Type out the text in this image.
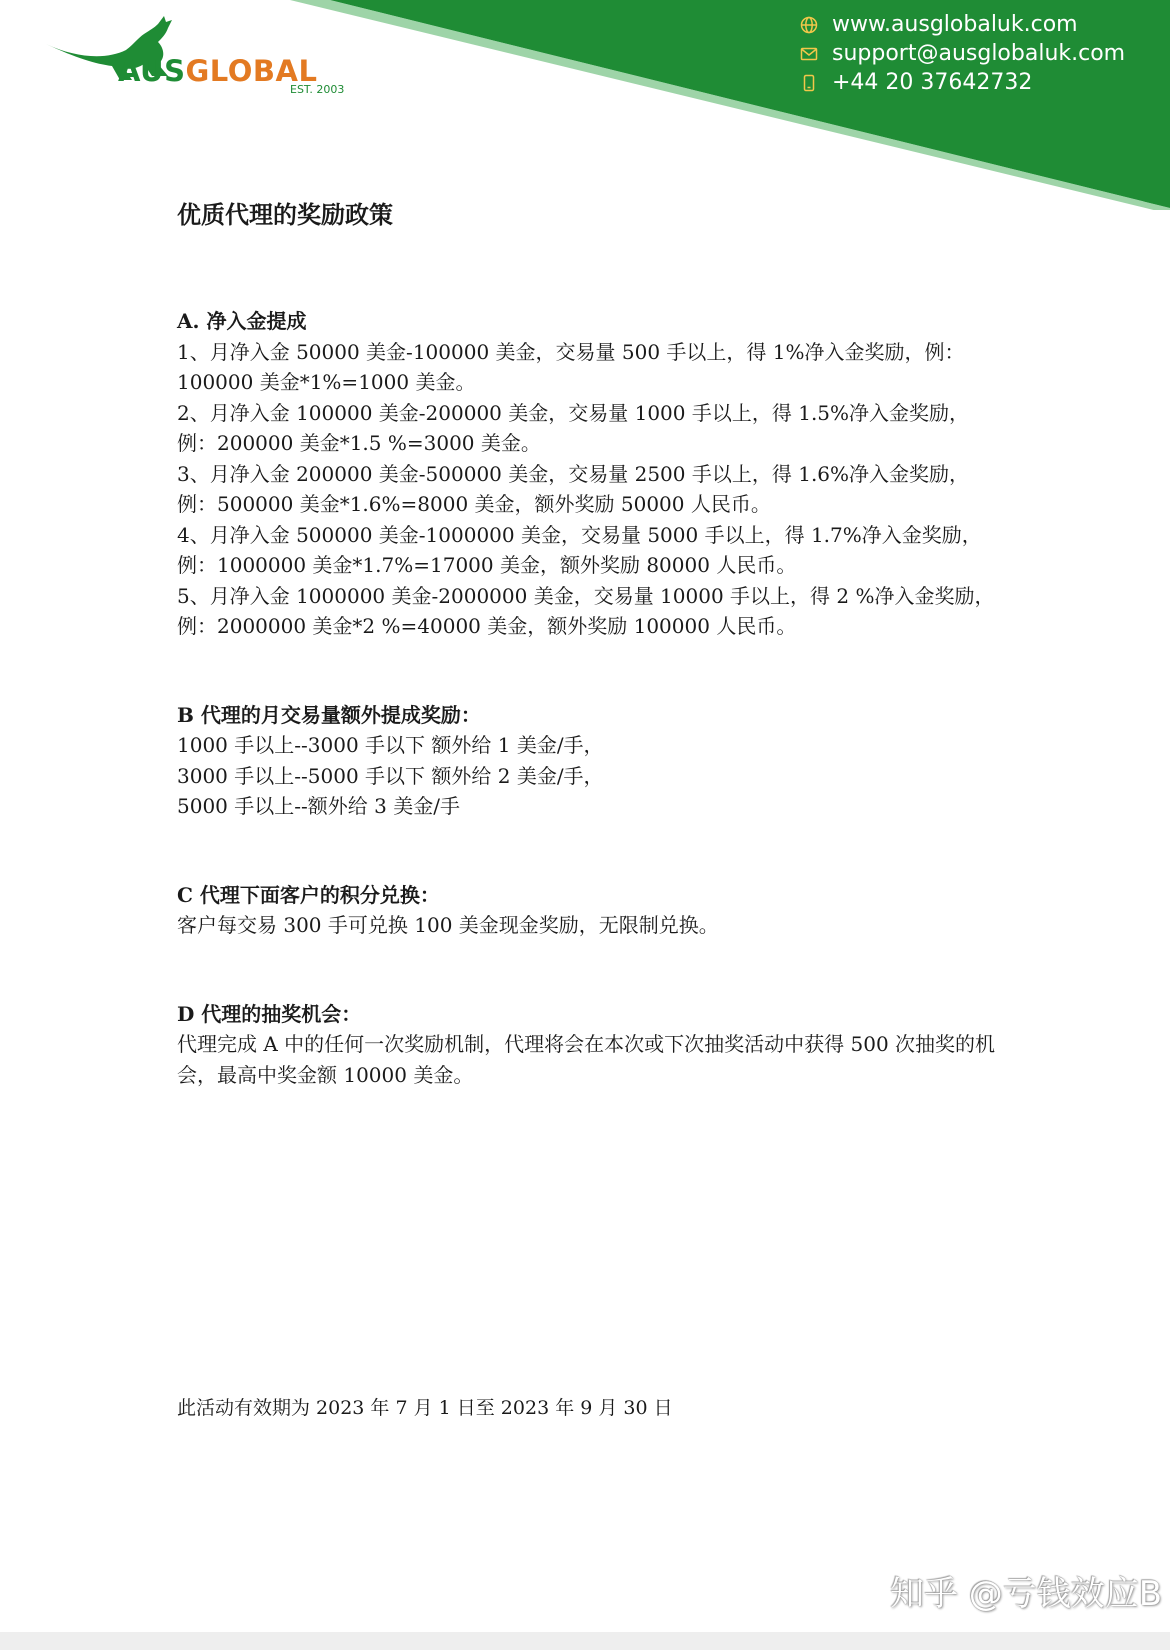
AUSGLOBAL
EST. 2003
www.ausglobaluk.com
support@ausglobaluk.com
+44 20 37642732
优质代理的奖励政策

A. 净入金提成

1、月净入金 50000 美金-100000 美金，交易量 500 手以上，得 1%净入金奖励，例：100000 美金*1%=1000 美金。

2、月净入金 100000 美金-200000 美金，交易量 1000 手以上，得 1.5%净入金奖励，例：200000 美金*1.5 %=3000 美金。

3、月净入金 200000 美金-500000 美金，交易量 2500 手以上，得 1.6%净入金奖励，例：500000 美金*1.6%=8000 美金，额外奖励 50000 人民币。

4、月净入金 500000 美金-1000000 美金，交易量 5000 手以上，得 1.7%净入金奖励，例：1000000 美金*1.7%=17000 美金，额外奖励 80000 人民币。

5、月净入金 1000000 美金-2000000 美金，交易量 10000 手以上，得 2 %净入金奖励，例：2000000 美金*2 %=40000 美金，额外奖励 100000 人民币。

B 代理的月交易量额外提成奖励：

1000 手以上--3000 手以下 额外给 1 美金/手，

3000 手以上--5000 手以下 额外给 2 美金/手，

5000 手以上--额外给 3 美金/手

C 代理下面客户的积分兑换：

客户每交易 300 手可兑换 100 美金现金奖励，无限制兑换。

D 代理的抽奖机会：

代理完成 A 中的任何一次奖励机制，代理将会在本次或下次抽奖活动中获得 500 次抽奖的机会，最高中奖金额 10000 美金。

此活动有效期为 2023 年 7 月 1 日至 2023 年 9 月 30 日
知乎 @亏钱效应B
